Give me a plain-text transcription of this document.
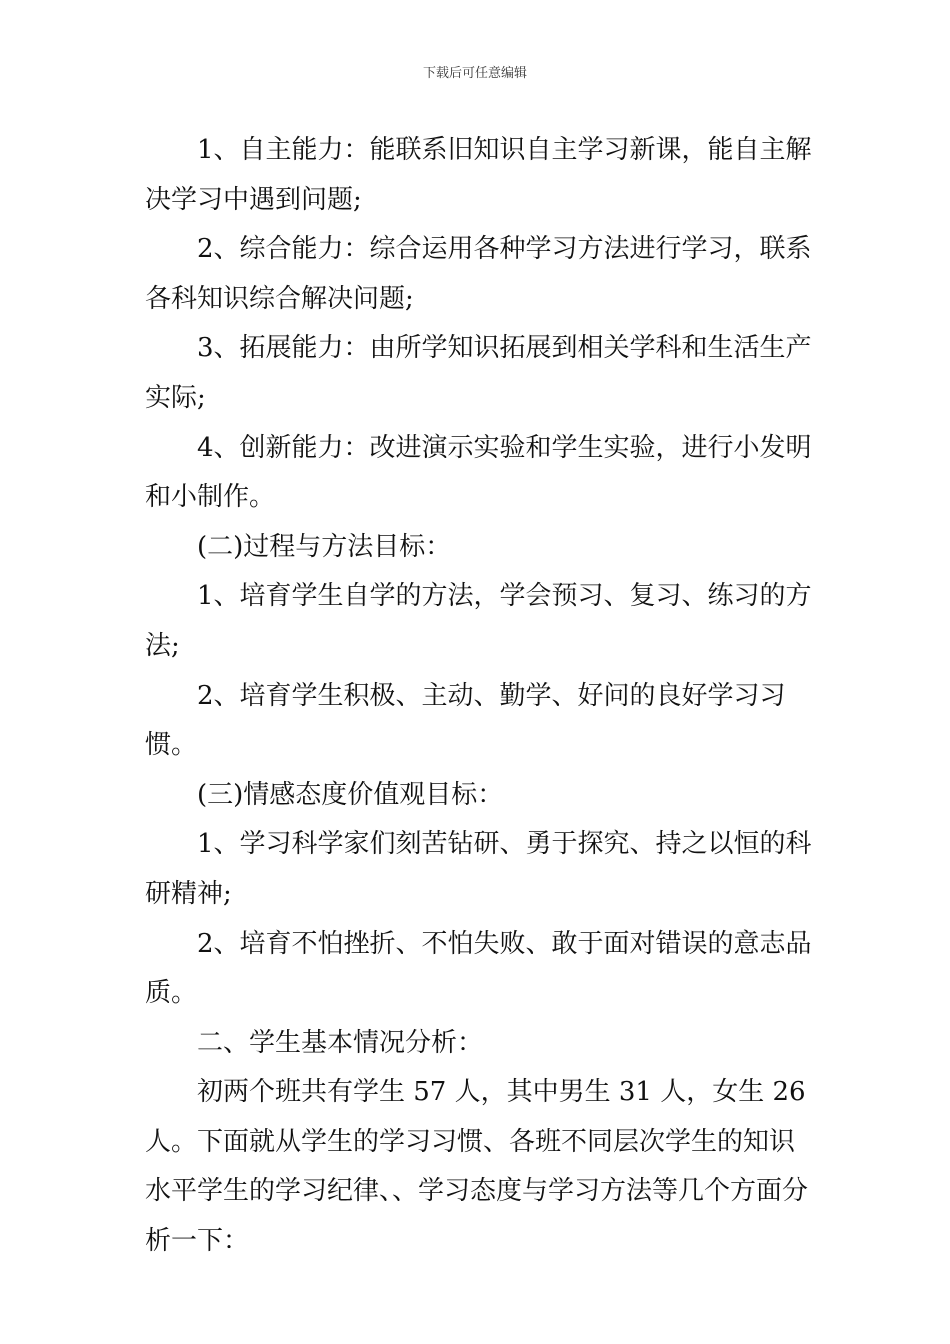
下载后可任意编辑

1、自主能力：能联系旧知识自主学习新课，能自主解决学习中遇到问题;

2、综合能力：综合运用各种学习方法进行学习，联系各科知识综合解决问题;

3、拓展能力：由所学知识拓展到相关学科和生活生产实际;

4、创新能力：改进演示实验和学生实验，进行小发明和小制作。

(二)过程与方法目标：

1、培育学生自学的方法，学会预习、复习、练习的方法;

2、培育学生积极、主动、勤学、好问的良好学习习惯。

(三)情感态度价值观目标：

1、学习科学家们刻苦钻研、勇于探究、持之以恒的科研精神;

2、培育不怕挫折、不怕失败、敢于面对错误的意志品质。

二、学生基本情况分析：

初两个班共有学生 57 人，其中男生 31 人，女生 26 人。下面就从学生的学习习惯、各班不同层次学生的知识水平学生的学习纪律、、学习态度与学习方法等几个方面分析一下：
